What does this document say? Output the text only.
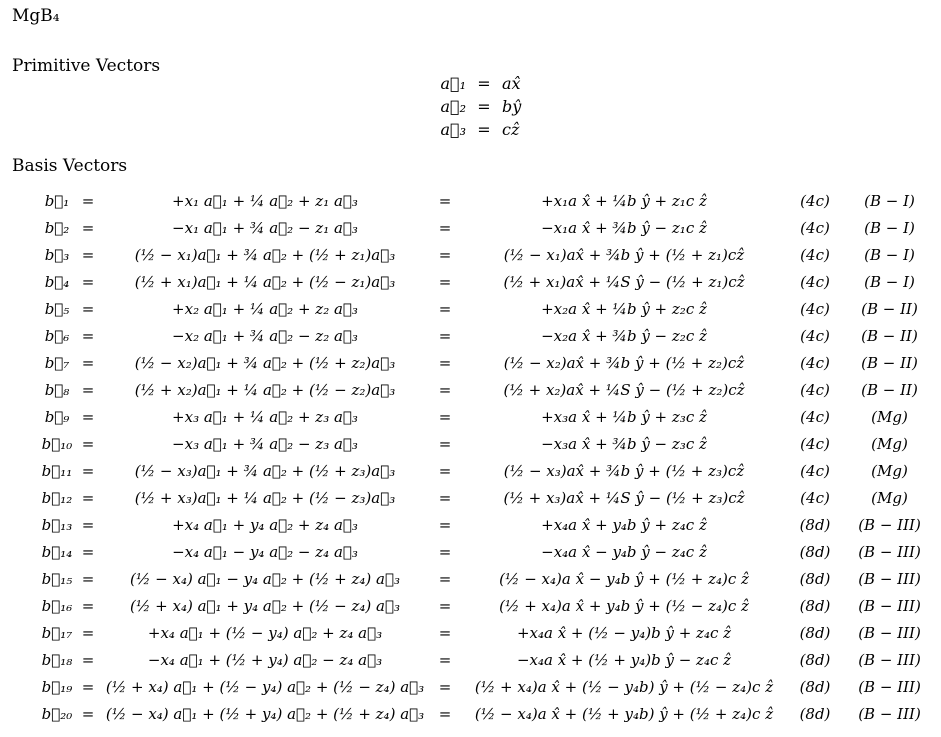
MgB₄
Primitive Vectors
a⃗₁ = ax̂
a⃗₂ = bŷ
a⃗₃ = cẑ
Basis Vectors
b⃗₁ =	+x₁ a⃗₁ + ¼ a⃗₂ + z₁ a⃗₃	=	+x₁a x̂ + ¼b ŷ + z₁c ẑ	(4c)	(B − I)
b⃗₂ =	−x₁ a⃗₁ + ¾ a⃗₂ − z₁ a⃗₃	=	−x₁a x̂ + ¾b ŷ − z₁c ẑ	(4c)	(B − I)
b⃗₃ =	(½ − x₁)a⃗₁ + ¾ a⃗₂ + (½ + z₁)a⃗₃	=	(½ − x₁)ax̂ + ¾b ŷ + (½ + z₁)cẑ	(4c)	(B − I)
b⃗₄ =	(½ + x₁)a⃗₁ + ¼ a⃗₂ + (½ − z₁)a⃗₃	=	(½ + x₁)ax̂ + ¼S ŷ − (½ + z₁)cẑ	(4c)	(B − I)
b⃗₅ =	+x₂ a⃗₁ + ¼ a⃗₂ + z₂ a⃗₃	=	+x₂a x̂ + ¼b ŷ + z₂c ẑ	(4c)	(B − II)
b⃗₆ =	−x₂ a⃗₁ + ¾ a⃗₂ − z₂ a⃗₃	=	−x₂a x̂ + ¾b ŷ − z₂c ẑ	(4c)	(B − II)
b⃗₇ =	(½ − x₂)a⃗₁ + ¾ a⃗₂ + (½ + z₂)a⃗₃	=	(½ − x₂)ax̂ + ¾b ŷ + (½ + z₂)cẑ	(4c)	(B − II)
b⃗₈ =	(½ + x₂)a⃗₁ + ¼ a⃗₂ + (½ − z₂)a⃗₃	=	(½ + x₂)ax̂ + ¼S ŷ − (½ + z₂)cẑ	(4c)	(B − II)
b⃗₉ =	+x₃ a⃗₁ + ¼ a⃗₂ + z₃ a⃗₃	=	+x₃a x̂ + ¼b ŷ + z₃c ẑ	(4c)	(Mg)
b⃗₁₀ =	−x₃ a⃗₁ + ¾ a⃗₂ − z₃ a⃗₃	=	−x₃a x̂ + ¾b ŷ − z₃c ẑ	(4c)	(Mg)
b⃗₁₁ =	(½ − x₃)a⃗₁ + ¾ a⃗₂ + (½ + z₃)a⃗₃	=	(½ − x₃)ax̂ + ¾b ŷ + (½ + z₃)cẑ	(4c)	(Mg)
b⃗₁₂ =	(½ + x₃)a⃗₁ + ¼ a⃗₂ + (½ − z₃)a⃗₃	=	(½ + x₃)ax̂ + ¼S ŷ − (½ + z₃)cẑ	(4c)	(Mg)
b⃗₁₃ =	+x₄ a⃗₁ + y₄ a⃗₂ + z₄ a⃗₃	=	+x₄a x̂ + y₄b ŷ + z₄c ẑ	(8d)	(B − III)
b⃗₁₄ =	−x₄ a⃗₁ − y₄ a⃗₂ − z₄ a⃗₃	=	−x₄a x̂ − y₄b ŷ − z₄c ẑ	(8d)	(B − III)
b⃗₁₅ =	(½ − x₄) a⃗₁ − y₄ a⃗₂ + (½ + z₄) a⃗₃	=	(½ − x₄)a x̂ − y₄b ŷ + (½ + z₄)c ẑ	(8d)	(B − III)
b⃗₁₆ =	(½ + x₄) a⃗₁ + y₄ a⃗₂ + (½ − z₄) a⃗₃	=	(½ + x₄)a x̂ + y₄b ŷ + (½ − z₄)c ẑ	(8d)	(B − III)
b⃗₁₇ =	+x₄ a⃗₁ + (½ − y₄) a⃗₂ + z₄ a⃗₃	=	+x₄a x̂ + (½ − y₄)b ŷ + z₄c ẑ	(8d)	(B − III)
b⃗₁₈ =	−x₄ a⃗₁ + (½ + y₄) a⃗₂ − z₄ a⃗₃	=	−x₄a x̂ + (½ + y₄)b ŷ − z₄c ẑ	(8d)	(B − III)
b⃗₁₉ = (½ + x₄) a⃗₁ + (½ − y₄) a⃗₂ + (½ − z₄) a⃗₃ =	(½ + x₄)a x̂ + (½ − y₄b) ŷ + (½ − z₄)c ẑ	(8d)	(B − III)
b⃗₂₀ = (½ − x₄) a⃗₁ + (½ + y₄) a⃗₂ + (½ + z₄) a⃗₃ =	(½ − x₄)a x̂ + (½ + y₄b) ŷ + (½ + z₄)c ẑ	(8d)	(B − III)
